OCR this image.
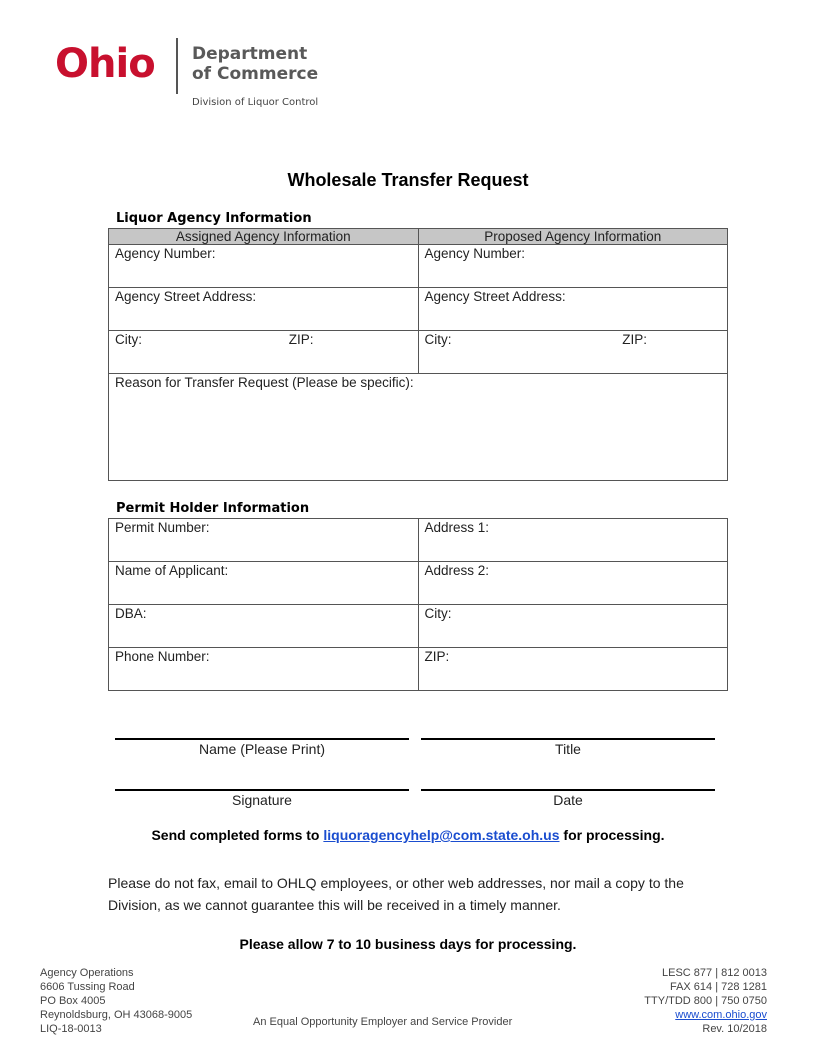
Ohio Department
of Commerce
Division of Liquor Control
Wholesale Transfer Request
Liquor Agency Information
Assigned Agency Information	Proposed Agency Information

Agency Number:	Agency Number:

Agency Street Address:	Agency Street Address:

City: ZIP:	City: ZIP:

Reason for Transfer Request (Please be specific):	
Permit Holder Information
Permit Number:	Address 1:

Name of Applicant:	Address 2:

DBA:	City:

Phone Number:	ZIP:
Name (Please Print)	Title
Signature	Date
Send completed forms to liquoragencyhelp@com.state.oh.us for processing.
Please do not fax, email to OHLQ employees, or other web addresses, nor mail a copy to the Division, as we cannot guarantee this will be received in a timely manner.
Please allow 7 to 10 business days for processing.
Agency Operations
6606 Tussing Road
PO Box 4005
Reynoldsburg, OH 43068-9005
LIQ-18-0013
An Equal Opportunity Employer and Service Provider
LESC 877 | 812 0013
FAX 614 | 728 1281
TTY/TDD 800 | 750 0750
www.com.ohio.gov
Rev. 10/2018
